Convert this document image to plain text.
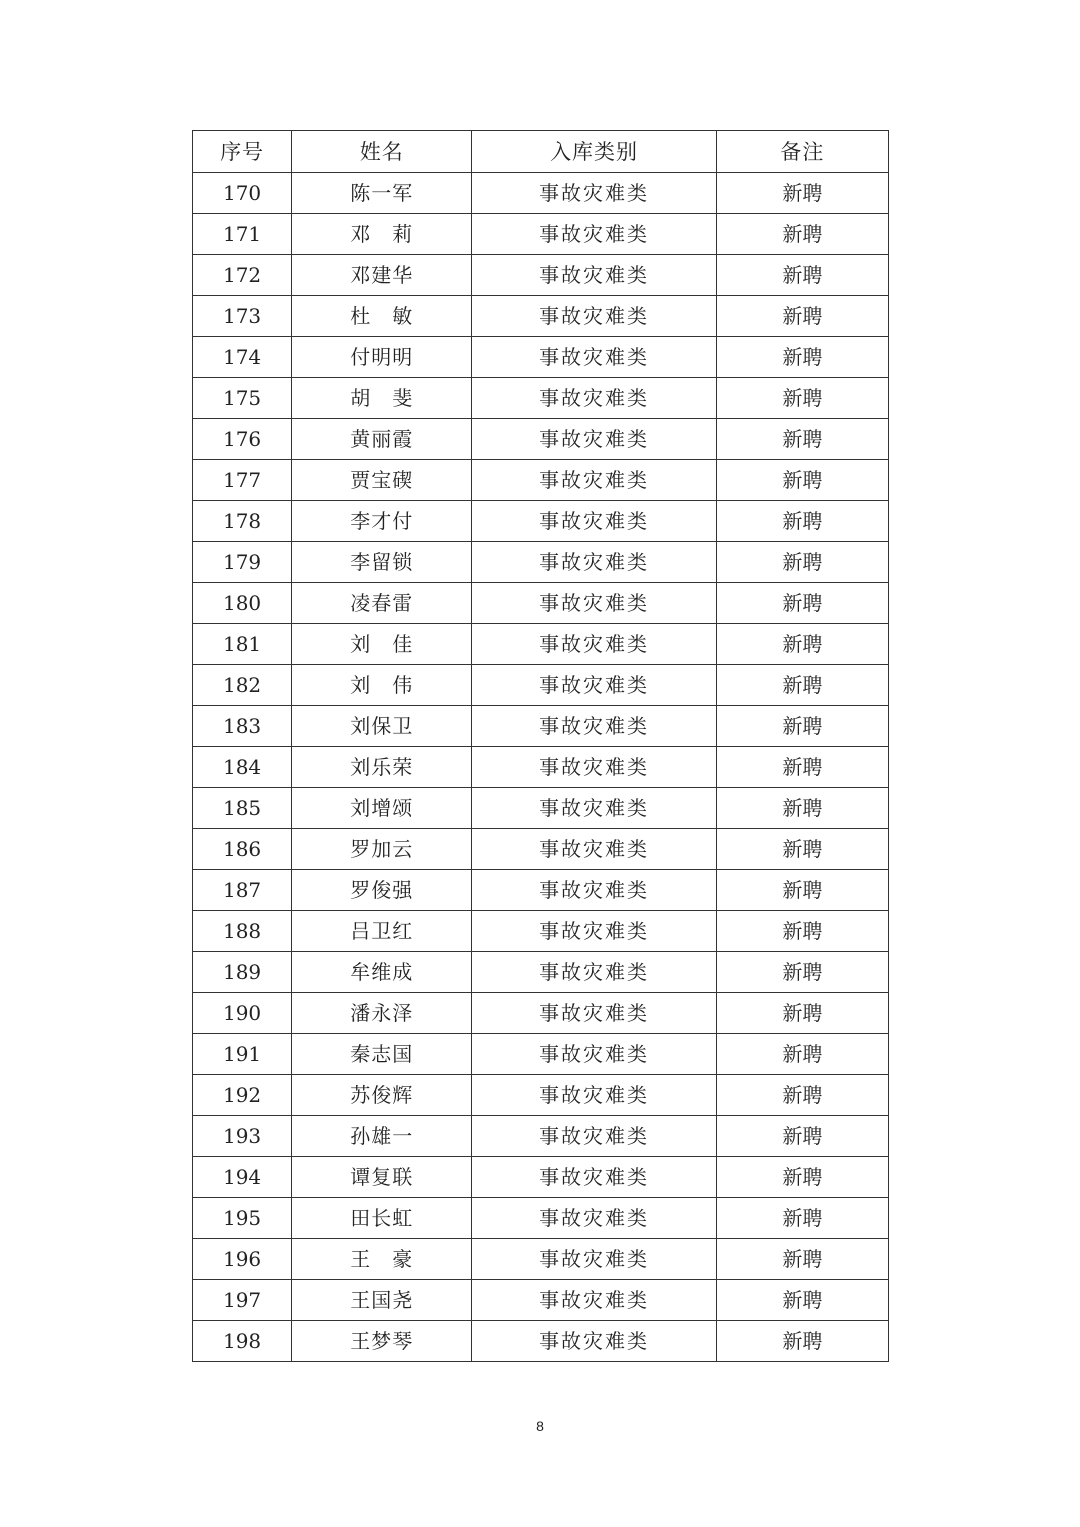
序号	姓名	入库类别	备注
170	陈一军	事故灾难类	新聘
171	邓　莉	事故灾难类	新聘
172	邓建华	事故灾难类	新聘
173	杜　敏	事故灾难类	新聘
174	付明明	事故灾难类	新聘
175	胡　斐	事故灾难类	新聘
176	黄丽霞	事故灾难类	新聘
177	贾宝碶	事故灾难类	新聘
178	李才付	事故灾难类	新聘
179	李留锁	事故灾难类	新聘
180	凌春雷	事故灾难类	新聘
181	刘　佳	事故灾难类	新聘
182	刘　伟	事故灾难类	新聘
183	刘保卫	事故灾难类	新聘
184	刘乐荣	事故灾难类	新聘
185	刘增颂	事故灾难类	新聘
186	罗加云	事故灾难类	新聘
187	罗俊强	事故灾难类	新聘
188	吕卫红	事故灾难类	新聘
189	牟维成	事故灾难类	新聘
190	潘永泽	事故灾难类	新聘
191	秦志国	事故灾难类	新聘
192	苏俊辉	事故灾难类	新聘
193	孙雄一	事故灾难类	新聘
194	谭复联	事故灾难类	新聘
195	田长虹	事故灾难类	新聘
196	王　豪	事故灾难类	新聘
197	王国尧	事故灾难类	新聘
198	王梦琴	事故灾难类	新聘
8
